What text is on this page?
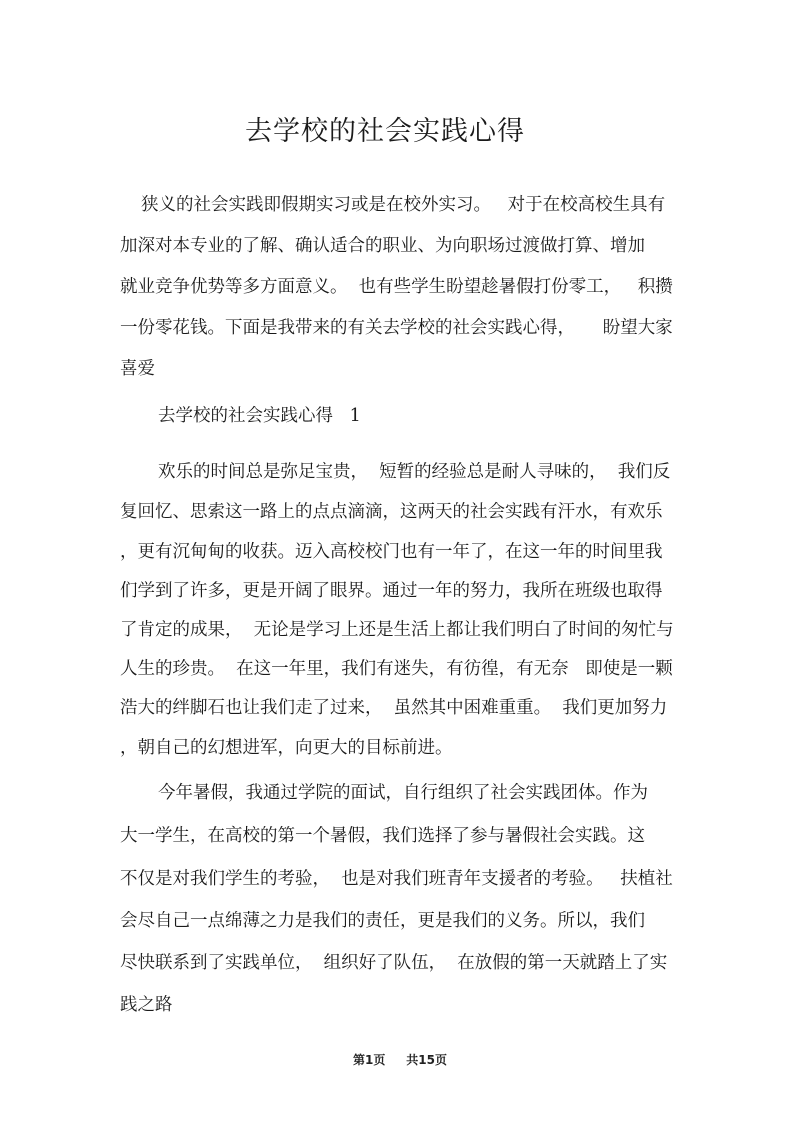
去学校的社会实践心得
狭义的社会实践即假期实习或是在校外实习。   对于在校高校生具有
加深对本专业的了解、确认适合的职业、为向职场过渡做打算、增加
就业竞争优势等多方面意义。  也有些学生盼望趁暑假打份零工，   积攒
一份零花钱。下面是我带来的有关去学校的社会实践心得，     盼望大家
喜爱
去学校的社会实践心得   1
欢乐的时间总是弥足宝贵，  短暂的经验总是耐人寻味的，  我们反
复回忆、思索这一路上的点点滴滴，这两天的社会实践有汗水，有欢乐
，更有沉甸甸的收获。迈入高校校门也有一年了，在这一年的时间里我
们学到了许多，更是开阔了眼界。通过一年的努力，我所在班级也取得
了肯定的成果，  无论是学习上还是生活上都让我们明白了时间的匆忙与
人生的珍贵。  在这一年里，我们有迷失，有彷徨，有无奈   即使是一颗
浩大的绊脚石也让我们走了过来，  虽然其中困难重重。  我们更加努力
，朝自己的幻想进军，向更大的目标前进。
今年暑假，我通过学院的面试，自行组织了社会实践团体。作为
大一学生，在高校的第一个暑假，我们选择了参与暑假社会实践。这
不仅是对我们学生的考验，  也是对我们班青年支援者的考验。   扶植社
会尽自己一点绵薄之力是我们的责任，更是我们的义务。所以，我们
尽快联系到了实践单位，  组织好了队伍，  在放假的第一天就踏上了实
践之路
第1页     共15页
